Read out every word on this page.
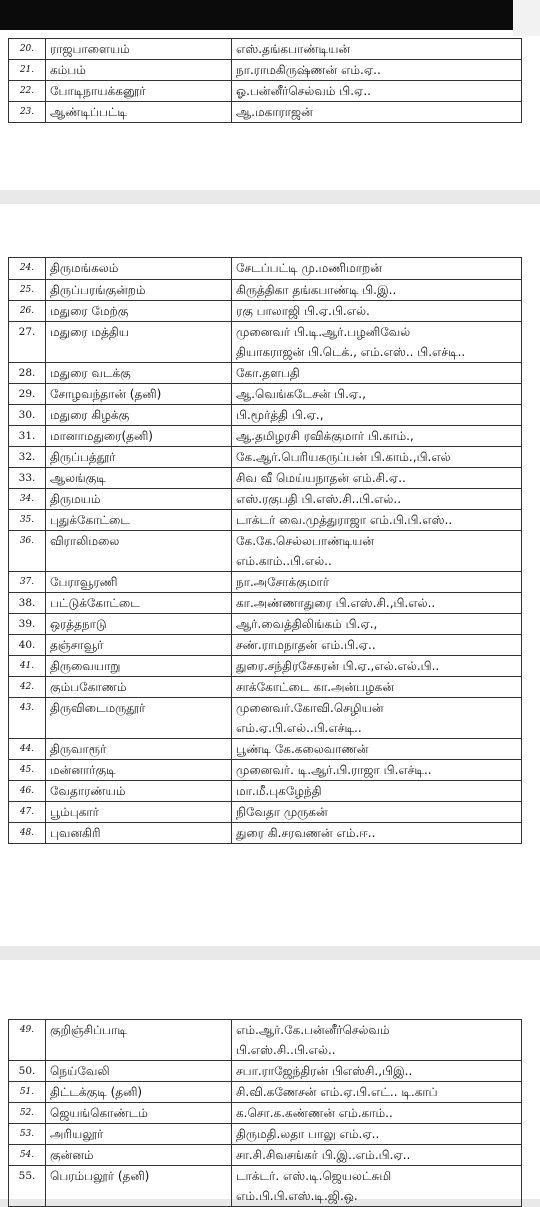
20.	ராஜபாளையம்	எஸ்.தங்கபாண்டியன்

21.	கம்பம்	நா.ராமகிருஷ்ணன் எம்.ஏ..

22.	போடிநாயக்கனூர்	ஓ.பன்னீர்செல்வம் பி.ஏ..

23.	ஆண்டிப்பட்டி	ஆ.மகாராஜன்
24.	திருமங்கலம்	சேடப்பட்டி மு.மணிமாறன்

25.	திருப்பரங்குன்றம்	கிருத்திகா தங்கபாண்டி பி.இ..

26.	மதுரை மேற்கு	ரகு பாலாஜி பி.ஏ.பி.எல்.

27.	மதுரை மத்திய	முனைவர் பி.டி.ஆர்.பழனிவேல்
தியாகராஜன் பி.டெக்., எம்.எஸ்.. பி.எச்டி..

28.	மதுரை வடக்கு	கோ.தளபதி

29.	சோழவந்தான் (தனி)	ஆ.வெங்கடேசன் பி.ஏ.,

30.	மதுரை கிழக்கு	பி.மூர்த்தி பி.ஏ.,

31.	மானாமதுரை(தனி)	ஆ.தமிழரசி ரவிக்குமார் பி.காம்.,

32.	திருப்பத்தூர்	கே.ஆர்.பெரியகருப்பன் பி.காம்.,பி.எல்

33.	ஆலங்குடி	சிவ வீ மெய்யநாதன் எம்.சி.ஏ..

34.	திருமயம்	எஸ்.ரகுபதி பி.எஸ்.சி..பி.எல்..

35.	புதுக்கோட்டை	டாக்டர் வை.முத்துராஜா எம்.பி.பி.எஸ்..

36.	விராலிமலை	கே.கே.செல்லபாண்டியன்
எம்.காம்..பி.எல்..

37.	பேராவூரணி	நா.அசோக்குமார்

38.	பட்டுக்கோட்டை	கா.அண்ணாதுரை பி.எஸ்.சி.,பி.எல்..

39.	ஒரத்தநாடு	ஆர்.வைத்திலிங்கம் பி.ஏ.,

40.	தஞ்சாவூர்	சண்.ராமநாதன் எம்.பி.ஏ..

41.	திருவையாறு	துரை.சந்திரசேகரன் பி.ஏ.,எல்.எல்.பி..

42.	கும்பகோணம்	சாக்கோட்டை கா.அன்பழகன்

43.	திருவிடைமருதூர்	முனைவர்.கோவி.செழியன்
எம்.ஏ.பி.எல்..பி.எச்டி..

44.	திருவாரூர்	பூண்டி கே.கலைவாணன்

45.	மன்னார்குடி	முனைவர். டி.ஆர்.பி.ராஜா பி.எச்டி..

46.	வேதாரண்யம்	மா.மீ.புகழேந்தி

47.	பூம்புகார்	நிவேதா முருகன்

48.	புவனகிரி	துரை கி.சரவணன் எம்.ஈ..
49.	குறிஞ்சிப்பாடி	எம்.ஆர்.கே.பன்னீர்செல்வம்
பி.எஸ்.சி..பி.எல்..

50.	நெய்வேலி	சபா.ராஜேந்திரன் பிஎஸ்சி.,பிஇ..

51.	திட்டக்குடி (தனி)	சி.வி.கணேசன் எம்.ஏ.பி.எட்.. டி.காப்

52.	ஜெயங்கொண்டம்	க.சொ.க.கண்ணன் எம்.காம்..

53.	அரியலூர்	திருமதி.லதா பாலு எம்.ஏ..

54.	குன்னம்	சா.சி.சிவசங்கர் பி.இ..எம்.பி.ஏ..

55.	பெரம்பலூர் (தனி)	டாக்டர். எஸ்.டி.ஜெயலட்சுமி
எம்.பி.பி.எஸ்.டி.ஜி.ஒ.
